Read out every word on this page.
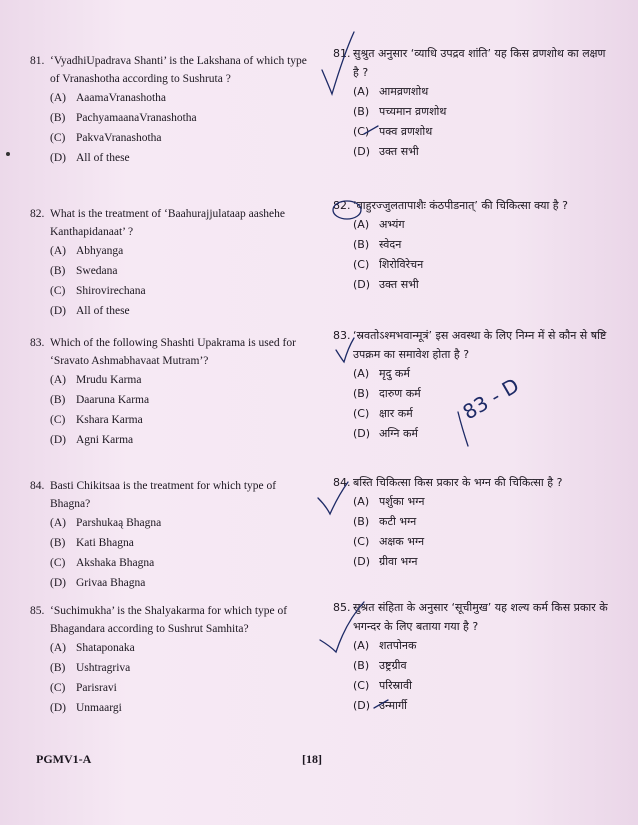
81. ‘VyadhiUpadrava Shanti’ is the Lakshana of which type of Vranashotha according to Sushruta ?
(A) AaamaVranashotha
(B) PachyamaanaVranashotha
(C) PakvaVranashotha
(D) All of these
82. What is the treatment of ‘Baahurajjulataap aashehe Kanthapidanaat’ ?
(A) Abhyanga
(B) Swedana
(C) Shirovirechana
(D) All of these
83. Which of the following Shashti Upakrama is used for ‘Sravato Ashmabhavaat Mutram’?
(A) Mrudu Karma
(B) Daaruna Karma
(C) Kshara Karma
(D) Agni Karma
84. Basti Chikitsaa is the treatment for which type of Bhagna?
(A) Parshukaą Bhagna
(B) Kati Bhagna
(C) Akshaka Bhagna
(D) Grivaa Bhagna
85. ‘Suchimukha’ is the Shalyakarma for which type of Bhagandara according to Sushrut Samhita?
(A) Shataponaka
(B) Ushtragriva
(C) Parisravi
(D) Unmaargi
81. सुश्रुत अनुसार ‘व्याधि उपद्रव शांति’ यह किस व्रणशोथ का लक्षण है ?
(A) आमव्रणशोथ
(B) पच्यमान व्रणशोथ
(C) पक्व व्रणशोथ
(D) उक्त सभी
82. ‘बाहुरज्जुलतापाशैः कंठपीडनात्’ की चिकित्सा क्या है ?
(A) अभ्यंग
(B) स्वेदन
(C) शिरोविरेचन
(D) उक्त सभी
83. ‘स्रवतोऽश्मभवान्मूत्रं’ इस अवस्था के लिए निम्न में से कौन से षष्टि उपक्रम का समावेश होता है ?
(A) मृदु कर्म
(B) दारुण कर्म
(C) क्षार कर्म
(D) अग्नि कर्म
84. बस्ति चिकित्सा किस प्रकार के भग्न की चिकित्सा है ?
(A) पर्शुका भग्न
(B) कटी भग्न
(C) अक्षक भग्न
(D) ग्रीवा भग्न
85. सुश्रत संहिता के अनुसार ‘सूचीमुख’ यह शल्य कर्म किस प्रकार के भगन्दर के लिए बताया गया है ?
(A) शतपोनक
(B) उष्ट्रग्रीव
(C) परिस्रावी
(D) उन्मार्गी
PGMV1-A	[18]
83 - D
